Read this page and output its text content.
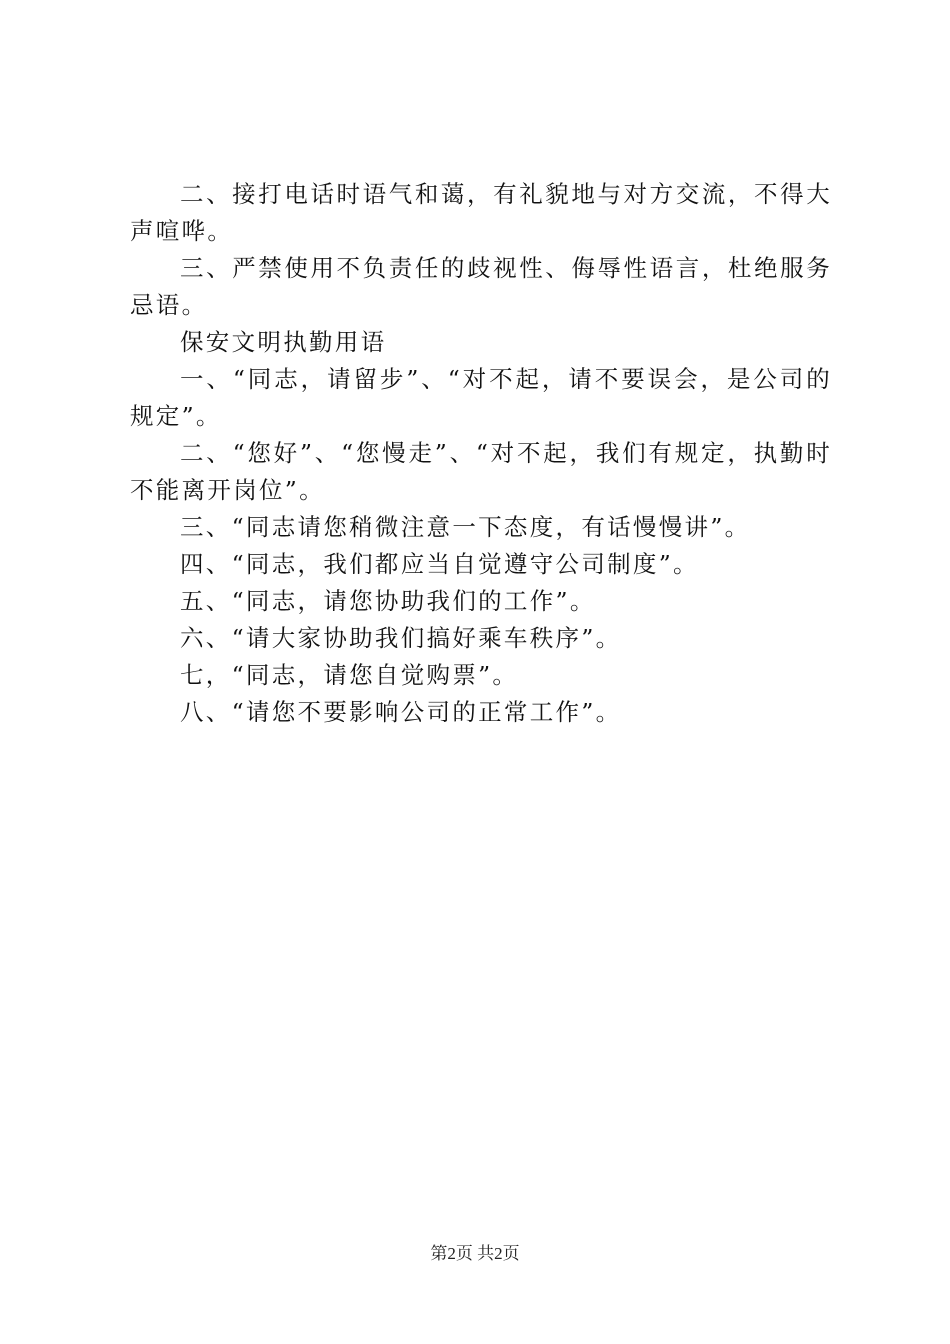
二、接打电话时语气和蔼，有礼貌地与对方交流，不得大声喧哗。

三、严禁使用不负责任的歧视性、侮辱性语言，杜绝服务忌语。

保安文明执勤用语

一、“同志，请留步”、“对不起，请不要误会，是公司的规定”。

二、“您好”、“您慢走”、“对不起，我们有规定，执勤时不能离开岗位”。

三、“同志请您稍微注意一下态度，有话慢慢讲”。

四、“同志，我们都应当自觉遵守公司制度”。

五、“同志，请您协助我们的工作”。

六、“请大家协助我们搞好乘车秩序”。

七，“同志，请您自觉购票”。

八、“请您不要影响公司的正常工作”。

第2页 共2页
